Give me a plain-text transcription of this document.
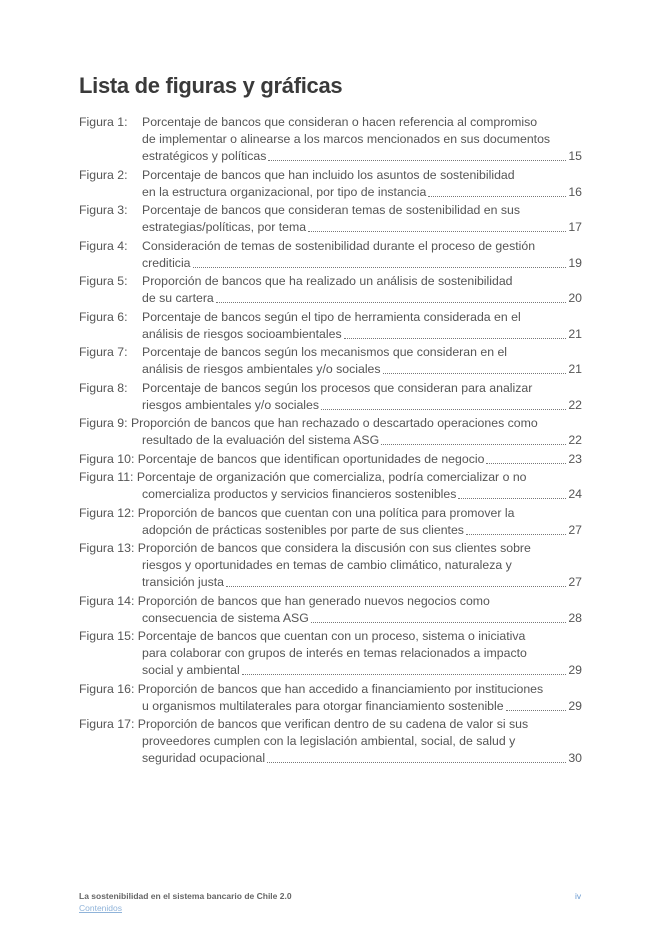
Lista de figuras y gráficas
Figura 1:	Porcentaje de bancos que consideran o hacen referencia al compromiso
de implementar o alinearse a los marcos mencionados en sus documentos
estratégicos y políticas	15
Figura 2:	Porcentaje de bancos que han incluido los asuntos de sostenibilidad
en la estructura organizacional, por tipo de instancia	16
Figura 3:	Porcentaje de bancos que consideran temas de sostenibilidad en sus
estrategias/políticas, por tema	17
Figura 4:	Consideración de temas de sostenibilidad durante el proceso de gestión
crediticia	19
Figura 5:	Proporción de bancos que ha realizado un análisis de sostenibilidad
de su cartera	20
Figura 6:	Porcentaje de bancos según el tipo de herramienta considerada en el
análisis de riesgos socioambientales	21
Figura 7:	Porcentaje de bancos según los mecanismos que consideran en el
análisis de riesgos ambientales y/o sociales	21
Figura 8:	Porcentaje de bancos según los procesos que consideran para analizar
riesgos ambientales y/o sociales	22
Figura 9:
Proporción de bancos que han rechazado o descartado operaciones como
resultado de la evaluación del sistema ASG	22
Figura 10:
Porcentaje de bancos que identifican oportunidades de negocio	23
Figura 11:
Porcentaje de organización que comercializa, podría comercializar o no
comercializa productos y servicios financieros sostenibles	24
Figura 12:
Proporción de bancos que cuentan con una política para promover la
adopción de prácticas sostenibles por parte de sus clientes	27
Figura 13:
Proporción de bancos que considera la discusión con sus clientes sobre
riesgos y oportunidades en temas de cambio climático, naturaleza y
transición justa	27
Figura 14:
Proporción de bancos que han generado nuevos negocios como
consecuencia de sistema ASG	28
Figura 15:
Porcentaje de bancos que cuentan con un proceso, sistema o iniciativa
para colaborar con grupos de interés en temas relacionados a impacto
social y ambiental	29
Figura 16:
Proporción de bancos que han accedido a financiamiento por instituciones
u organismos multilaterales para otorgar financiamiento sostenible	29
Figura 17:
Proporción de bancos que verifican dentro de su cadena de valor si sus
proveedores cumplen con la legislación ambiental, social, de salud y
seguridad ocupacional	30
La sostenibilidad en el sistema bancario de Chile 2.0
Contenidos
iv
